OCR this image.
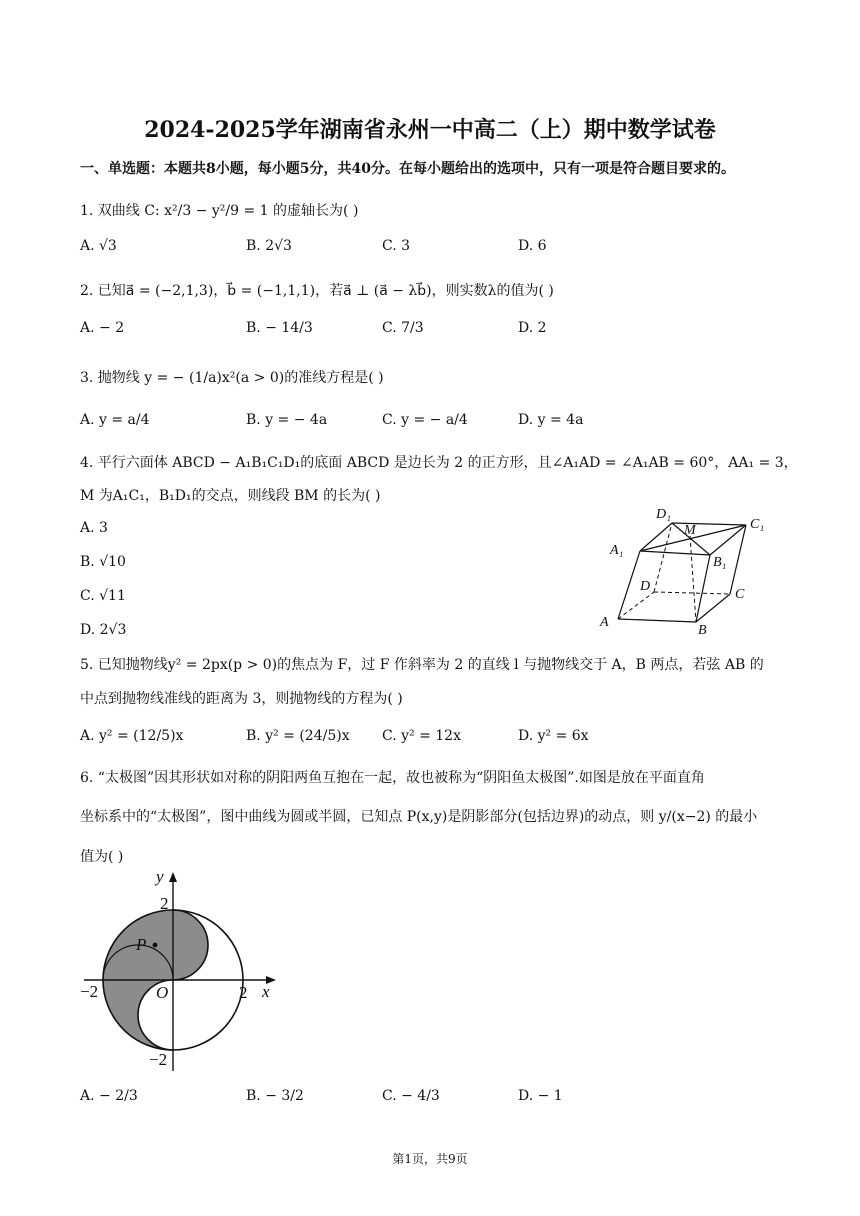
2024-2025学年湖南省永州一中高二（上）期中数学试卷
一、单选题：本题共8小题，每小题5分，共40分。在每小题给出的选项中，只有一项是符合题目要求的。
1. 双曲线 C: x²/3 − y²/9 = 1 的虚轴长为( )
A. √3	B. 2√3	C. 3	D. 6
2. 已知a⃗ = (−2,1,3)，b⃗ = (−1,1,1)，若a⃗ ⊥ (a⃗ − λb⃗)，则实数λ的值为( )
A. − 2	B. − 14/3	C. 7/3	D. 2
3. 抛物线 y = − (1/a)x²(a > 0)的准线方程是( )
A. y = a/4	B. y = − 4a	C. y = − a/4	D. y = 4a
4. 平行六面体 ABCD − A₁B₁C₁D₁的底面 ABCD 是边长为 2 的正方形，且∠A₁AD = ∠A₁AB = 60°，AA₁ = 3，
M 为A₁C₁，B₁D₁的交点，则线段 BM 的长为( )
A. 3
B. √10
C. √11
D. 2√3
D₁
M	C₁
A₁
B₁
D
C
A
B
5. 已知抛物线y² = 2px(p > 0)的焦点为 F，过 F 作斜率为 2 的直线 l 与抛物线交于 A，B 两点，若弦 AB 的
中点到抛物线准线的距离为 3，则抛物线的方程为( )
A. y² = (12/5)x	B. y² = (24/5)x C. y² = 12x	D. y² = 6x
6. “太极图”因其形状如对称的阴阳两鱼互抱在一起，故也被称为“阴阳鱼太极图”.如图是放在平面直角
坐标系中的“太极图”，图中曲线为圆或半圆，已知点 P(x,y)是阴影部分(包括边界)的动点，则 y/(x−2) 的最小
值为( )
y
2
P
−2	O	2 x
−2
A. − 2/3	B. − 3/2	C. − 4/3	D. − 1
第1页，共9页
